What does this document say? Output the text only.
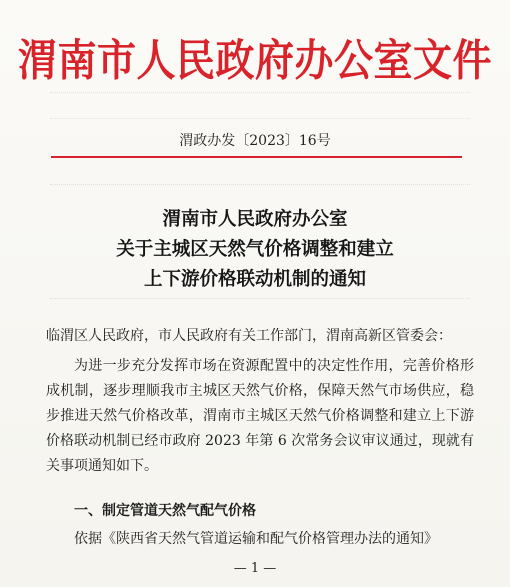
渭南市人民政府办公室文件
渭政办发〔2023〕16号
渭南市人民政府办公室
关于主城区天然气价格调整和建立
上下游价格联动机制的通知
临渭区人民政府，市人民政府有关工作部门，渭南高新区管委会：
为进一步充分发挥市场在资源配置中的决定性作用，完善价格形成机制，逐步理顺我市主城区天然气价格，保障天然气市场供应，稳步推进天然气价格改革，渭南市主城区天然气价格调整和建立上下游价格联动机制已经市政府 2023 年第 6 次常务会议审议通过，现就有关事项通知如下。
一、制定管道天然气配气价格
依据《陕西省天然气管道运输和配气价格管理办法的通知》
— 1 —
